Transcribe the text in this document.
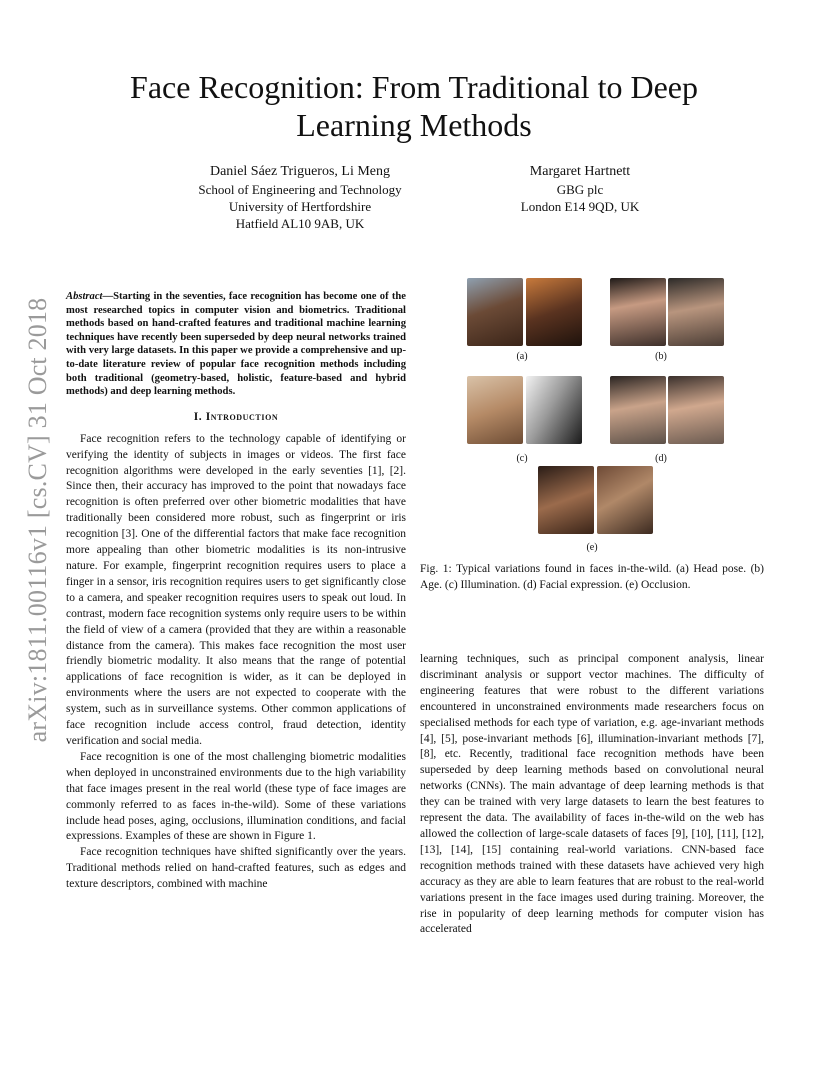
arXiv:1811.00116v1 [cs.CV] 31 Oct 2018
Face Recognition: From Traditional to Deep Learning Methods
Daniel Sáez Trigueros, Li Meng
School of Engineering and Technology
University of Hertfordshire
Hatfield AL10 9AB, UK
Margaret Hartnett
GBG plc
London E14 9QD, UK

Abstract—Starting in the seventies, face recognition has become one of the most researched topics in computer vision and biometrics. Traditional methods based on hand-crafted features and traditional machine learning techniques have recently been superseded by deep neural networks trained with very large datasets. In this paper we provide a comprehensive and up-to-date literature review of popular face recognition methods including both traditional (geometry-based, holistic, feature-based and hybrid methods) and deep learning methods.

I. Introduction

Face recognition refers to the technology capable of identifying or verifying the identity of subjects in images or videos. The first face recognition algorithms were developed in the early seventies [1], [2]. Since then, their accuracy has improved to the point that nowadays face recognition is often preferred over other biometric modalities that have traditionally been considered more robust, such as fingerprint or iris recognition [3]. One of the differential factors that make face recognition more appealing than other biometric modalities is its non-intrusive nature. For example, fingerprint recognition requires users to place a finger in a sensor, iris recognition requires users to get significantly close to a camera, and speaker recognition requires users to speak out loud. In contrast, modern face recognition systems only require users to be within the field of view of a camera (provided that they are within a reasonable distance from the camera). This makes face recognition the most user friendly biometric modality. It also means that the range of potential applications of face recognition is wider, as it can be deployed in environments where the users are not expected to cooperate with the system, such as in surveillance systems. Other common applications of face recognition include access control, fraud detection, identity verification and social media.

Face recognition is one of the most challenging biometric modalities when deployed in unconstrained environments due to the high variability that face images present in the real world (these type of face images are commonly referred to as faces in-the-wild). Some of these variations include head poses, aging, occlusions, illumination conditions, and facial expressions. Examples of these are shown in Figure 1.

Face recognition techniques have shifted significantly over the years. Traditional methods relied on hand-crafted features, such as edges and texture descriptors, combined with machine

(a)	(b)
(c)	(d)
(e)

Fig. 1: Typical variations found in faces in-the-wild. (a) Head pose. (b) Age. (c) Illumination. (d) Facial expression. (e) Occlusion.

learning techniques, such as principal component analysis, linear discriminant analysis or support vector machines. The difficulty of engineering features that were robust to the different variations encountered in unconstrained environments made researchers focus on specialised methods for each type of variation, e.g. age-invariant methods [4], [5], pose-invariant methods [6], illumination-invariant methods [7], [8], etc. Recently, traditional face recognition methods have been superseded by deep learning methods based on convolutional neural networks (CNNs). The main advantage of deep learning methods is that they can be trained with very large datasets to learn the best features to represent the data. The availability of faces in-the-wild on the web has allowed the collection of large-scale datasets of faces [9], [10], [11], [12], [13], [14], [15] containing real-world variations. CNN-based face recognition methods trained with these datasets have achieved very high accuracy as they are able to learn features that are robust to the real-world variations present in the face images used during training. Moreover, the rise in popularity of deep learning methods for computer vision has accelerated
